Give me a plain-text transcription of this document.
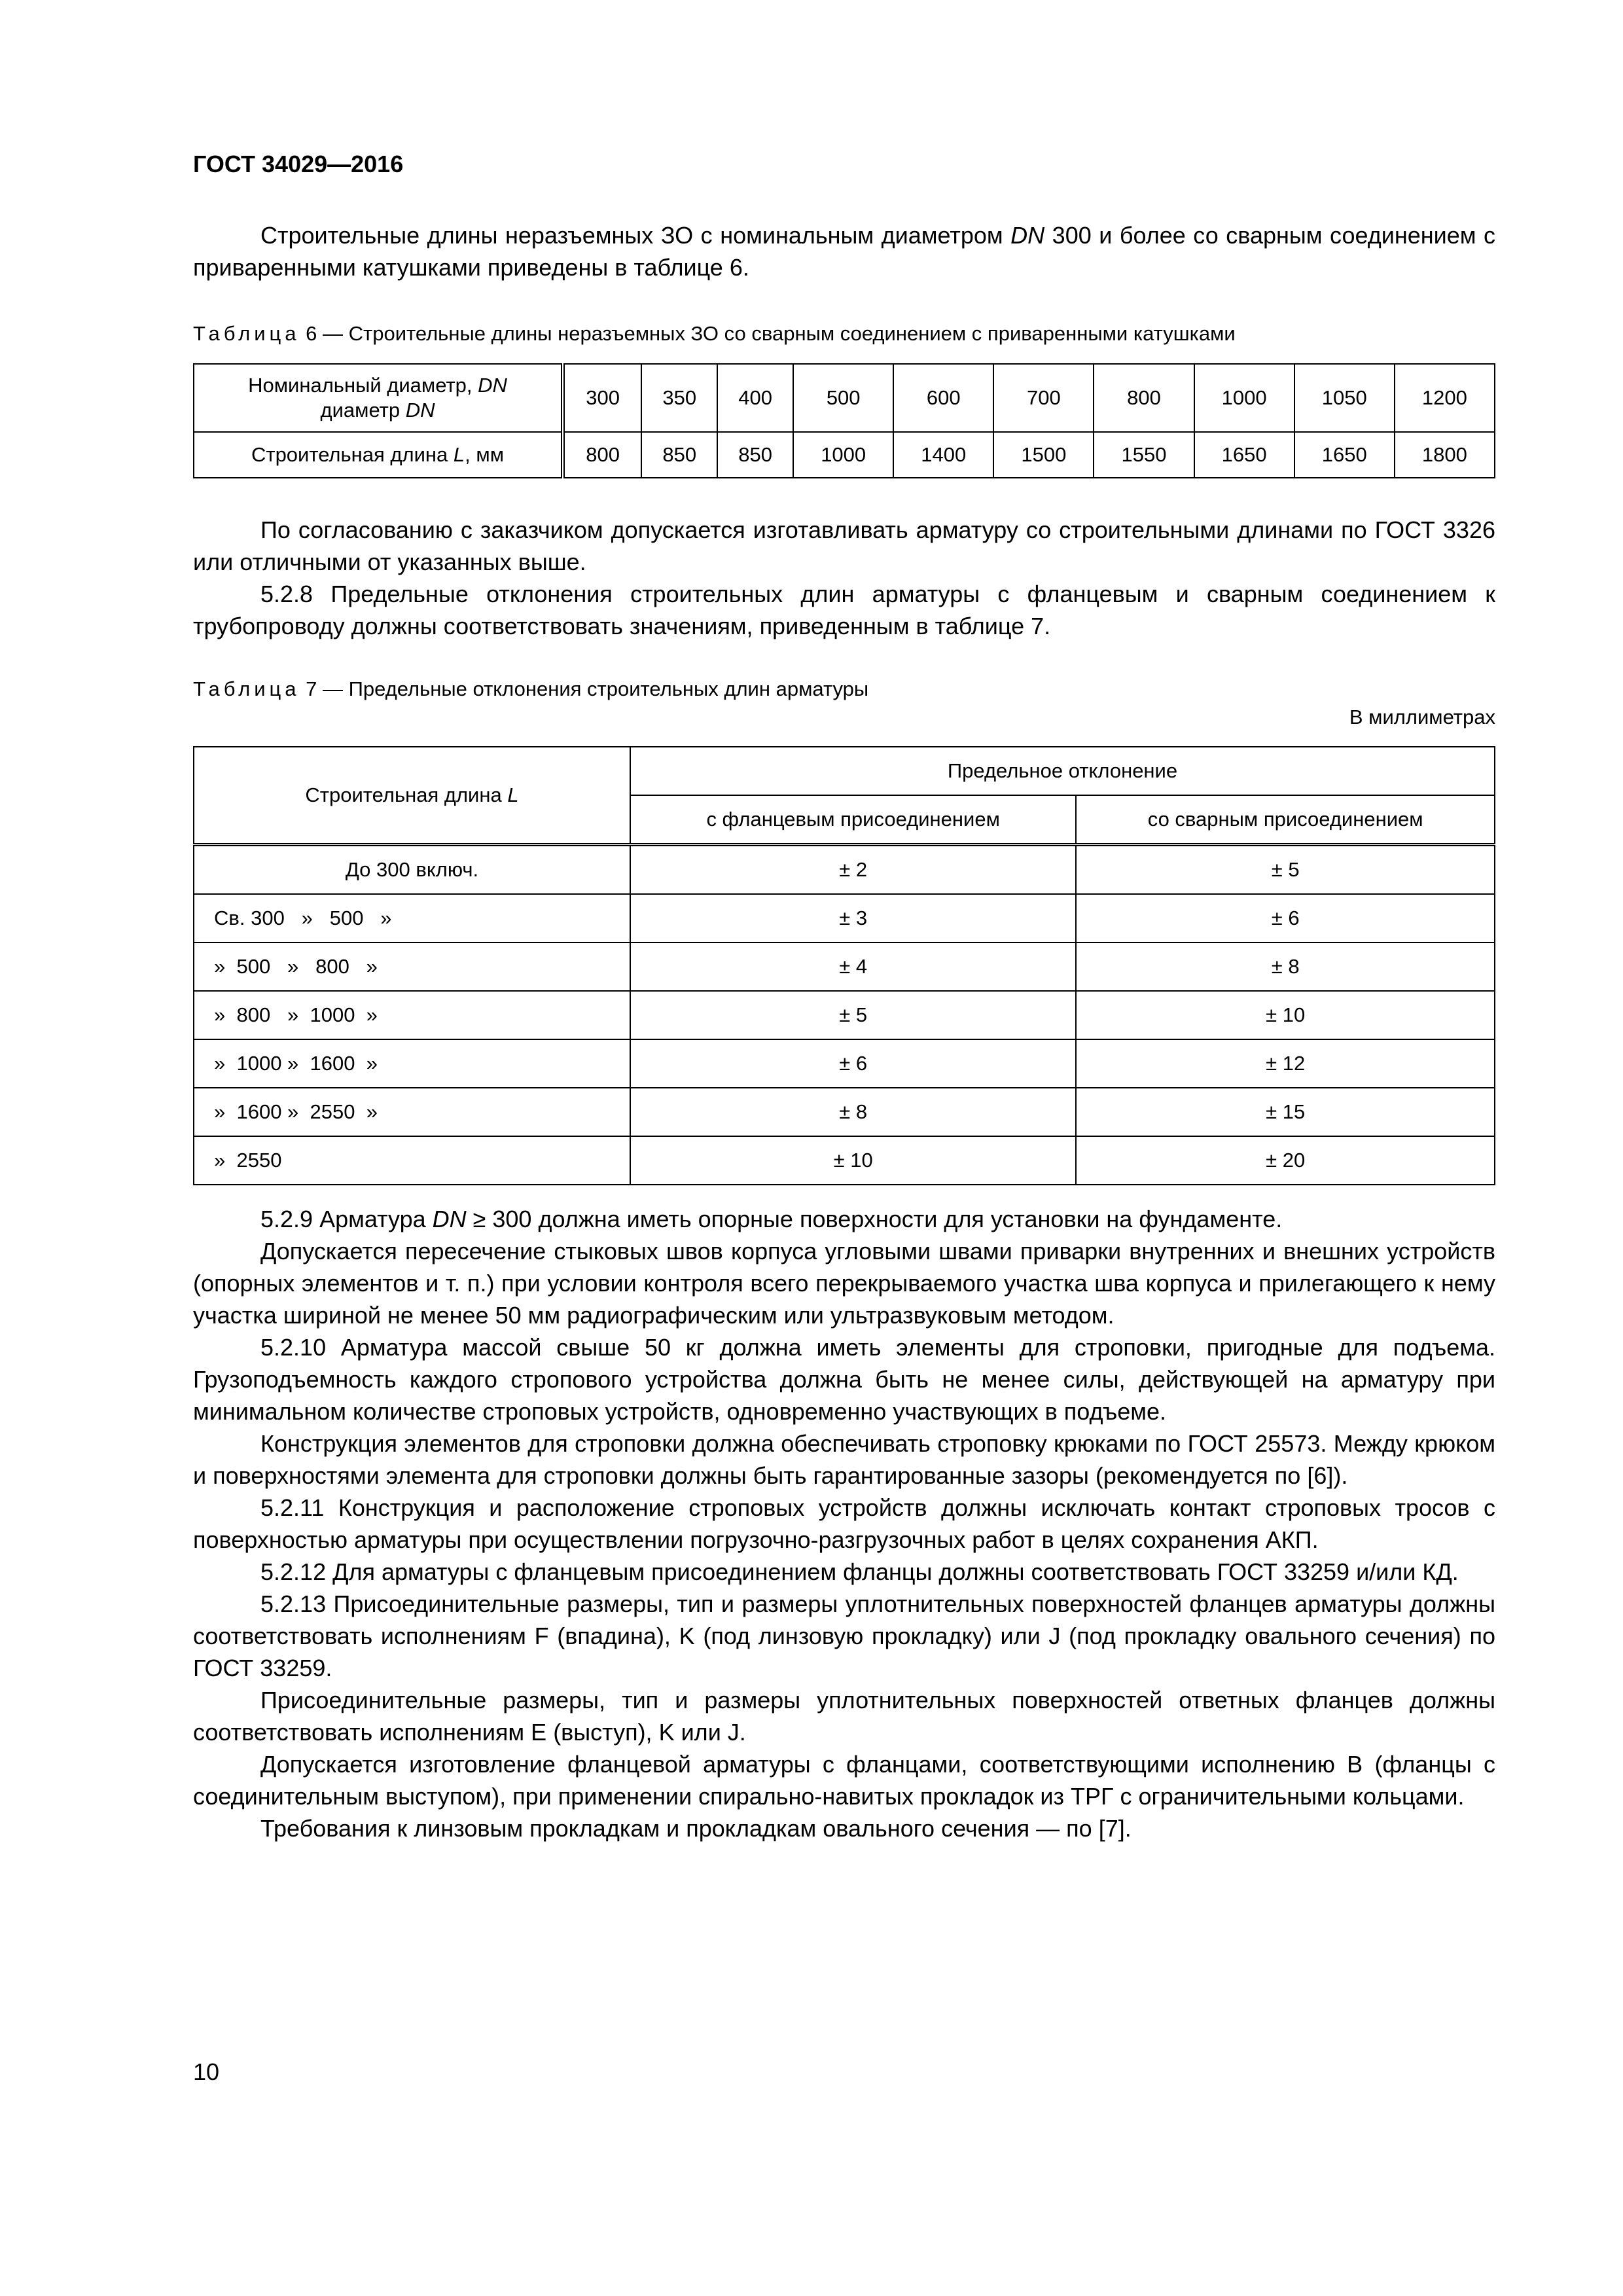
ГОСТ 34029—2016

Строительные длины неразъемных ЗО с номинальным диаметром DN 300 и более со сварным соединением с приваренными катушками приведены в таблице 6.

Таблица 6 — Строительные длины неразъемных ЗО со сварным соединением с приваренными катушками
Номинальный диаметр, DN
диаметр DN	300	350	400	500	600	700	800	1000	1050	1200
Строительная длина L, мм	800	850	850	1000	1400	1500	1550	1650	1650	1800

По согласованию с заказчиком допускается изготавливать арматуру со строительными длинами по ГОСТ 3326 или отличными от указанных выше.

5.2.8 Предельные отклонения строительных длин арматуры с фланцевым и сварным соединением к трубопроводу должны соответствовать значениям, приведенным в таблице 7.

Таблица 7 — Предельные отклонения строительных длин арматуры
В миллиметрах
Строительная длина L	Предельное отклонение	
	с фланцевым присоединением	со сварным присоединением
До 300 включ.	± 2	± 5
Св. 300   »   500   »	± 3	± 6
»  500   »   800   »	± 4	± 8
»  800   »  1000  »	± 5	± 10
»  1000 »  1600  »	± 6	± 12
»  1600 »  2550  »	± 8	± 15
»  2550	± 10	± 20

5.2.9 Арматура DN ≥ 300 должна иметь опорные поверхности для установки на фундаменте.

Допускается пересечение стыковых швов корпуса угловыми швами приварки внутренних и внешних устройств (опорных элементов и т. п.) при условии контроля всего перекрываемого участка шва корпуса и прилегающего к нему участка шириной не менее 50 мм радиографическим или ультразвуковым методом.

5.2.10 Арматура массой свыше 50 кг должна иметь элементы для строповки, пригодные для подъема. Грузоподъемность каждого стропового устройства должна быть не менее силы, действующей на арматуру при минимальном количестве строповых устройств, одновременно участвующих в подъеме.

Конструкция элементов для строповки должна обеспечивать строповку крюками по ГОСТ 25573. Между крюком и поверхностями элемента для строповки должны быть гарантированные зазоры (рекомендуется по [6]).

5.2.11 Конструкция и расположение строповых устройств должны исключать контакт строповых тросов с поверхностью арматуры при осуществлении погрузочно-разгрузочных работ в целях сохранения АКП.

5.2.12 Для арматуры с фланцевым присоединением фланцы должны соответствовать ГОСТ 33259 и/или КД.

5.2.13 Присоединительные размеры, тип и размеры уплотнительных поверхностей фланцев арматуры должны соответствовать исполнениям F (впадина), K (под линзовую прокладку) или J (под прокладку овального сечения) по ГОСТ 33259.

Присоединительные размеры, тип и размеры уплотнительных поверхностей ответных фланцев должны соответствовать исполнениям E (выступ), K или J.

Допускается изготовление фланцевой арматуры с фланцами, соответствующими исполнению В (фланцы с соединительным выступом), при применении спирально-навитых прокладок из ТРГ с ограничительными кольцами.

Требования к линзовым прокладкам и прокладкам овального сечения — по [7].

10
